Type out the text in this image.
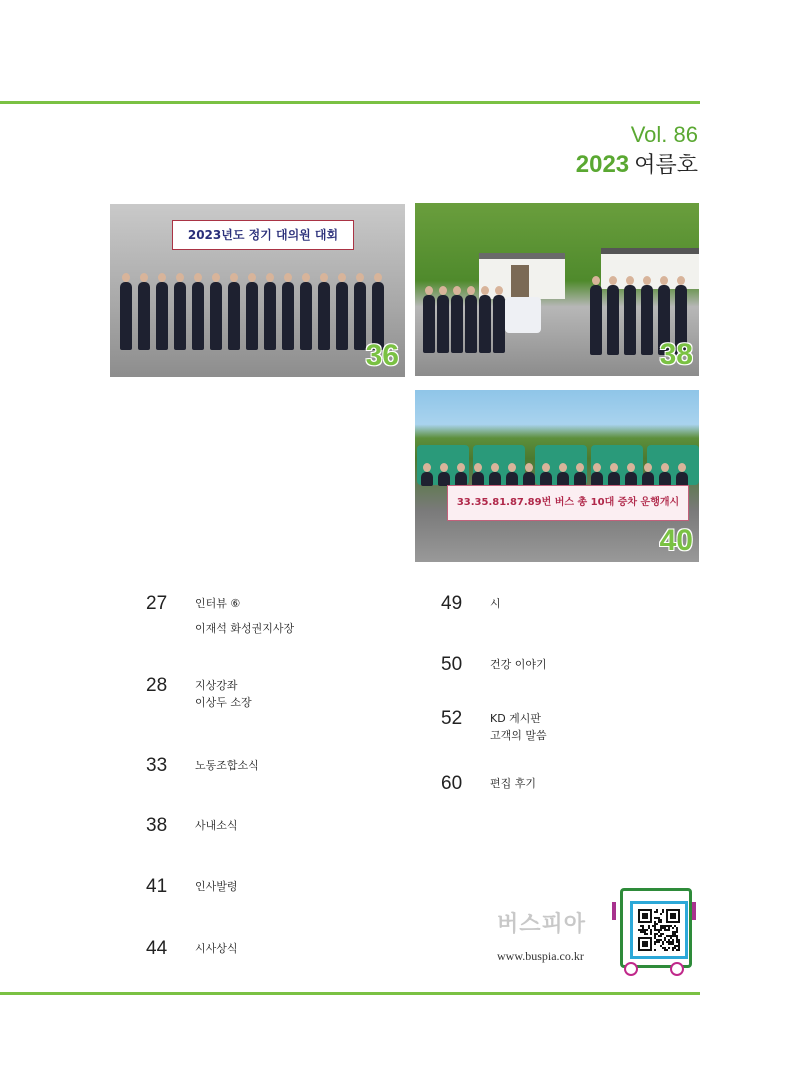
Vol. 86
2023 여름호
2023년도 정기 대의원 대회
36	38
33.35.81.87.89번 버스 총 10대 증차 운행개시
40
27	인터뷰 ⑥
이재석 화성권지사장
28	지상강좌
이상두 소장
33	노동조합소식
38	사내소식
41	인사발령
44	시사상식
49	시
50	건강 이야기
52	KD 게시판
고객의 말씀
60	편집 후기
버스피아
www.buspia.co.kr
